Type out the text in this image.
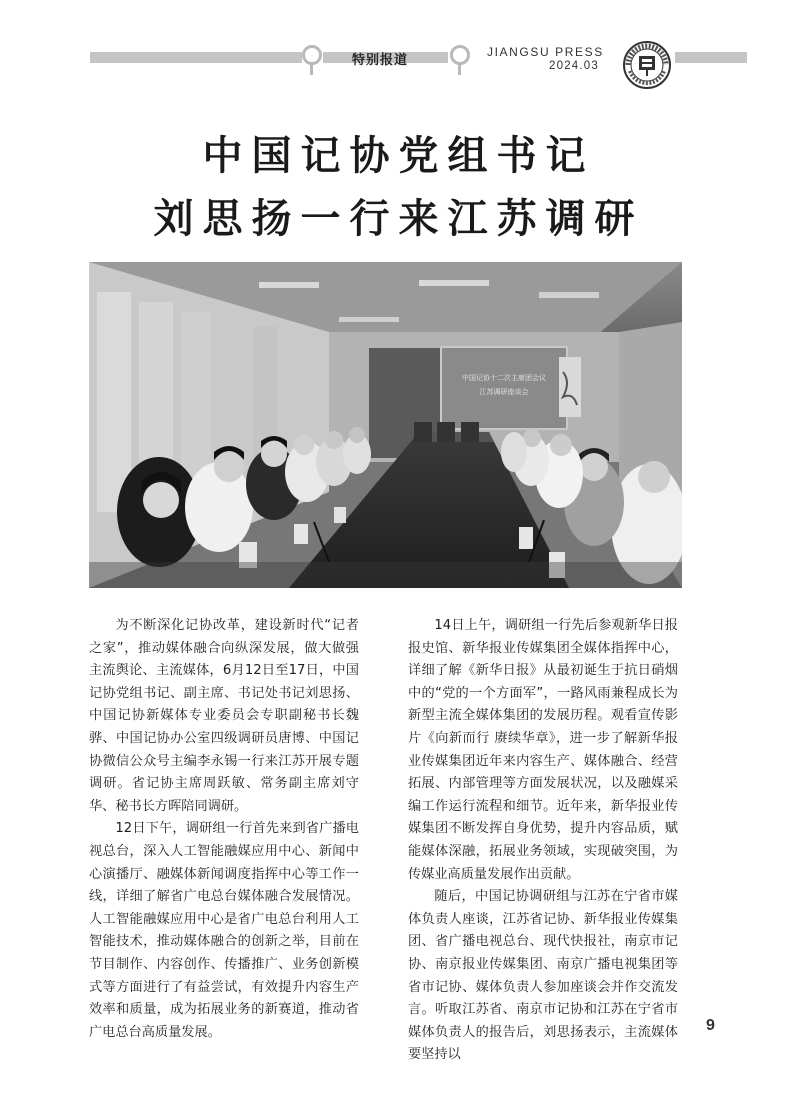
特别报道
JIANGSU PRESS
2024.03
中国记协党组书记
刘思扬一行来江苏调研
中国记协十二次主席团会议
江苏调研座谈会

为不断深化记协改革，建设新时代“记者之家”，推动媒体融合向纵深发展，做大做强主流舆论、主流媒体，6月12日至17日，中国记协党组书记、副主席、书记处书记刘思扬、中国记协新媒体专业委员会专职副秘书长魏骅、中国记协办公室四级调研员唐博、中国记协微信公众号主编李永锡一行来江苏开展专题调研。省记协主席周跃敏、常务副主席刘守华、秘书长方晖陪同调研。

12日下午，调研组一行首先来到省广播电视总台，深入人工智能融媒应用中心、新闻中心演播厅、融媒体新闻调度指挥中心等工作一线，详细了解省广电总台媒体融合发展情况。人工智能融媒应用中心是省广电总台利用人工智能技术，推动媒体融合的创新之举，目前在节目制作、内容创作、传播推广、业务创新模式等方面进行了有益尝试，有效提升内容生产效率和质量，成为拓展业务的新赛道，推动省广电总台高质量发展。

14日上午，调研组一行先后参观新华日报报史馆、新华报业传媒集团全媒体指挥中心，详细了解《新华日报》从最初诞生于抗日硝烟中的“党的一个方面军”，一路风雨兼程成长为新型主流全媒体集团的发展历程。观看宣传影片《向新而行 赓续华章》，进一步了解新华报业传媒集团近年来内容生产、媒体融合、经营拓展、内部管理等方面发展状况，以及融媒采编工作运行流程和细节。近年来，新华报业传媒集团不断发挥自身优势，提升内容品质，赋能媒体深融，拓展业务领域，实现破突围，为传媒业高质量发展作出贡献。

随后，中国记协调研组与江苏在宁省市媒体负责人座谈，江苏省记协、新华报业传媒集团、省广播电视总台、现代快报社，南京市记协、南京报业传媒集团、南京广播电视集团等省市记协、媒体负责人参加座谈会并作交流发言。听取江苏省、南京市记协和江苏在宁省市媒体负责人的报告后，刘思扬表示，主流媒体要坚持以

9
